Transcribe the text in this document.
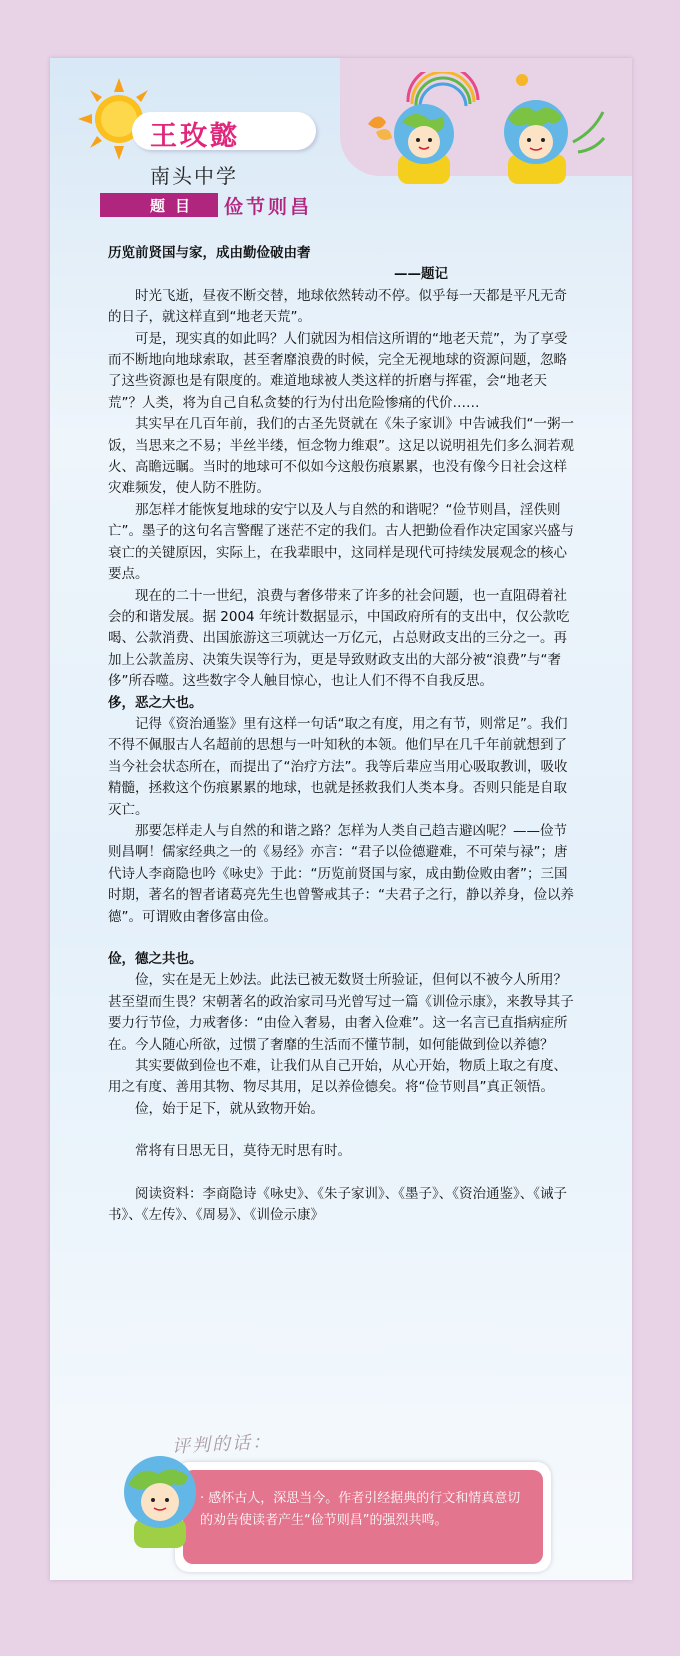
王玫懿
南头中学
题目 俭节则昌

历览前贤国与家，成由勤俭破由奢

——题记

时光飞逝，昼夜不断交替，地球依然转动不停。似乎每一天都是平凡无奇的日子，就这样直到“地老天荒”。

可是，现实真的如此吗？人们就因为相信这所谓的“地老天荒”，为了享受而不断地向地球索取，甚至奢靡浪费的时候，完全无视地球的资源问题，忽略了这些资源也是有限度的。难道地球被人类这样的折磨与挥霍，会“地老天荒”？人类，将为自己自私贪婪的行为付出危险惨痛的代价……

其实早在几百年前，我们的古圣先贤就在《朱子家训》中告诫我们“一粥一饭，当思来之不易；半丝半缕，恒念物力维艰”。这足以说明祖先们多么洞若观火、高瞻远瞩。当时的地球可不似如今这般伤痕累累，也没有像今日社会这样灾难频发，使人防不胜防。

那怎样才能恢复地球的安宁以及人与自然的和谐呢？“俭节则昌，淫佚则亡”。墨子的这句名言警醒了迷茫不定的我们。古人把勤俭看作决定国家兴盛与衰亡的关键原因，实际上，在我辈眼中，这同样是现代可持续发展观念的核心要点。

现在的二十一世纪，浪费与奢侈带来了许多的社会问题，也一直阻碍着社会的和谐发展。据 2004 年统计数据显示，中国政府所有的支出中，仅公款吃喝、公款消费、出国旅游这三项就达一万亿元，占总财政支出的三分之一。再加上公款盖房、决策失误等行为，更是导致财政支出的大部分被“浪费”与“奢侈”所吞噬。这些数字令人触目惊心，也让人们不得不自我反思。

侈，恶之大也。

记得《资治通鉴》里有这样一句话“取之有度，用之有节，则常足”。我们不得不佩服古人名超前的思想与一叶知秋的本领。他们早在几千年前就想到了当今社会状态所在，而提出了“治疗方法”。我等后辈应当用心吸取教训，吸收精髓，拯救这个伤痕累累的地球，也就是拯救我们人类本身。否则只能是自取灭亡。

那要怎样走人与自然的和谐之路？怎样为人类自己趋吉避凶呢？——俭节则昌啊！儒家经典之一的《易经》亦言：“君子以俭德避难，不可荣与禄”；唐代诗人李商隐也吟《咏史》于此：“历览前贤国与家，成由勤俭败由奢”；三国时期，著名的智者诸葛亮先生也曾警戒其子：“夫君子之行，静以养身，俭以养德”。可谓败由奢侈富由俭。

俭，德之共也。

俭，实在是无上妙法。此法已被无数贤士所验证，但何以不被今人所用？甚至望而生畏？宋朝著名的政治家司马光曾写过一篇《训俭示康》，来教导其子要力行节俭，力戒奢侈：“由俭入奢易，由奢入俭难”。这一名言已直指病症所在。今人随心所欲，过惯了奢靡的生活而不懂节制，如何能做到俭以养德？

其实要做到俭也不难，让我们从自己开始，从心开始，物质上取之有度、用之有度、善用其物、物尽其用，足以养俭德矣。将“俭节则昌”真正领悟。

俭，始于足下，就从致物开始。

常将有日思无日，莫待无时思有时。

阅读资料：李商隐诗《咏史》、《朱子家训》、《墨子》、《资治通鉴》、《诫子书》、《左传》、《周易》、《训俭示康》

评判的话：
· 感怀古人，深思当今。作者引经据典的行文和情真意切的劝告使读者产生“俭节则昌”的强烈共鸣。
